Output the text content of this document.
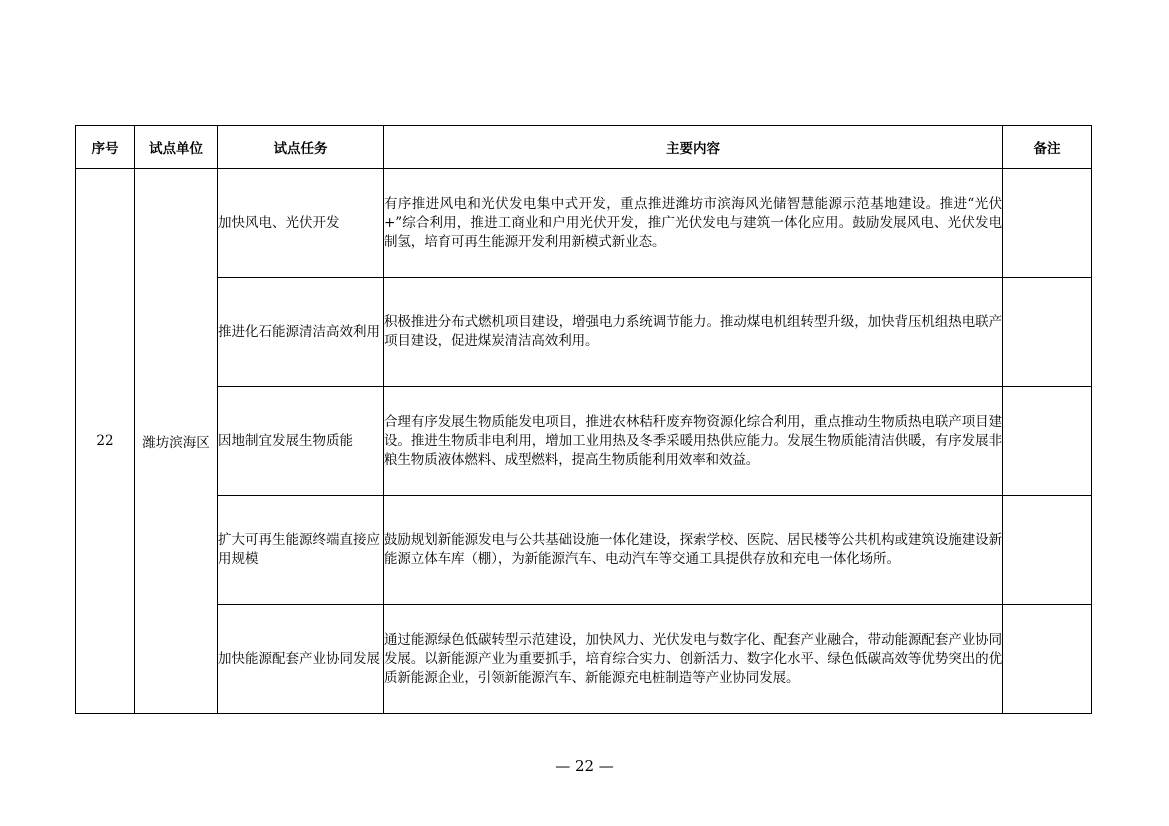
序号	试点单位	试点任务	主要内容	备注
22	潍坊滨海区	加快风电、光伏开发	有序推进风电和光伏发电集中式开发，重点推进潍坊市滨海风光储智慧能源示范基地建设。推进“光伏+”综合利用，推进工商业和户用光伏开发，推广光伏发电与建筑一体化应用。鼓励发展风电、光伏发电制氢，培育可再生能源开发利用新模式新业态。	
		推进化石能源清洁高效利用	积极推进分布式燃机项目建设，增强电力系统调节能力。推动煤电机组转型升级，加快背压机组热电联产项目建设，促进煤炭清洁高效利用。	
		因地制宜发展生物质能	合理有序发展生物质能发电项目，推进农林秸秆废弃物资源化综合利用，重点推动生物质热电联产项目建设。推进生物质非电利用，增加工业用热及冬季采暖用热供应能力。发展生物质能清洁供暖，有序发展非粮生物质液体燃料、成型燃料，提高生物质能利用效率和效益。	
		扩大可再生能源终端直接应用规模	鼓励规划新能源发电与公共基础设施一体化建设，探索学校、医院、居民楼等公共机构或建筑设施建设新能源立体车库（棚），为新能源汽车、电动汽车等交通工具提供存放和充电一体化场所。	
		加快能源配套产业协同发展	通过能源绿色低碳转型示范建设，加快风力、光伏发电与数字化、配套产业融合，带动能源配套产业协同发展。以新能源产业为重要抓手，培育综合实力、创新活力、数字化水平、绿色低碳高效等优势突出的优质新能源企业，引领新能源汽车、新能源充电桩制造等产业协同发展。	
— 22 —
